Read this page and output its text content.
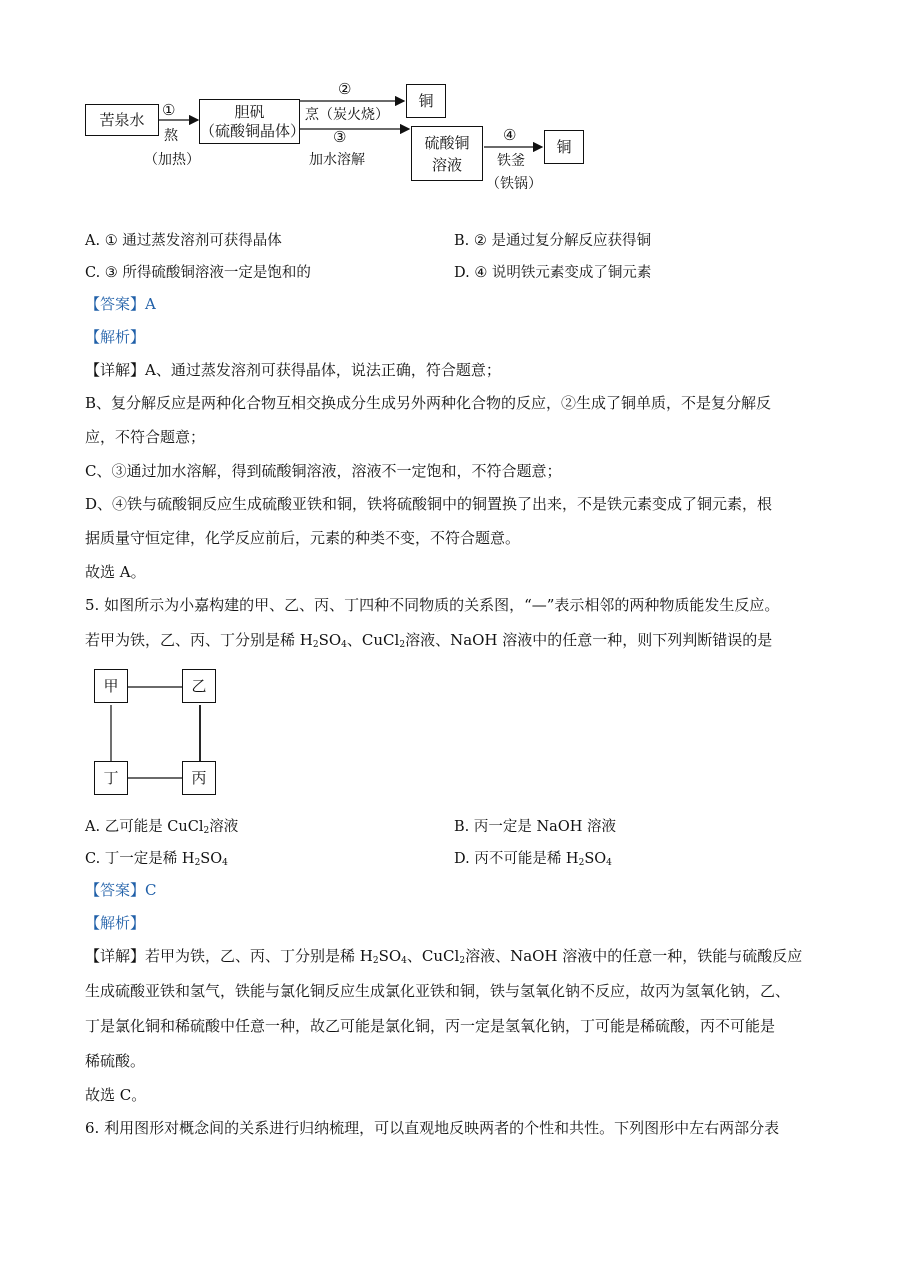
苦泉水
①
熬
（加热）
胆矾
（硫酸铜晶体）
②
烹（炭火烧）
铜
③
加水溶解
硫酸铜
溶液
④
铁釜
（铁锅）
铜
A. ① 通过蒸发溶剂可获得晶体	B. ② 是通过复分解反应获得铜
C. ③ 所得硫酸铜溶液一定是饱和的	D. ④ 说明铁元素变成了铜元素
【答案】A
【解析】
【详解】A、通过蒸发溶剂可获得晶体，说法正确，符合题意；
B、复分解反应是两种化合物互相交换成分生成另外两种化合物的反应，②生成了铜单质，不是复分解反
应，不符合题意；
C、③通过加水溶解，得到硫酸铜溶液，溶液不一定饱和，不符合题意；
D、④铁与硫酸铜反应生成硫酸亚铁和铜，铁将硫酸铜中的铜置换了出来，不是铁元素变成了铜元素，根
据质量守恒定律，化学反应前后，元素的种类不变，不符合题意。
故选 A。
5. 如图所示为小嘉构建的甲、乙、丙、丁四种不同物质的关系图，“—”表示相邻的两种物质能发生反应。
若甲为铁，乙、丙、丁分别是稀 $H_2SO_4$、CuCl$_2$溶液、NaOH 溶液中的任意一种，则下列判断错误的是
甲	乙
丁	丙
A. 乙可能是 CuCl$_2$溶液	B. 丙一定是 NaOH 溶液
C. 丁一定是稀 $H_2SO_4$	D. 丙不可能是稀 $H_2SO_4$
【答案】C
【解析】
【详解】若甲为铁，乙、丙、丁分别是稀 $H_2SO_4$、CuCl$_2$溶液、NaOH 溶液中的任意一种，铁能与硫酸反应
生成硫酸亚铁和氢气，铁能与氯化铜反应生成氯化亚铁和铜，铁与氢氧化钠不反应，故丙为氢氧化钠，乙、
丁是氯化铜和稀硫酸中任意一种，故乙可能是氯化铜，丙一定是氢氧化钠，丁可能是稀硫酸，丙不可能是
稀硫酸。
故选 C。
6. 利用图形对概念间的关系进行归纳梳理，可以直观地反映两者的个性和共性。下列图形中左右两部分表
